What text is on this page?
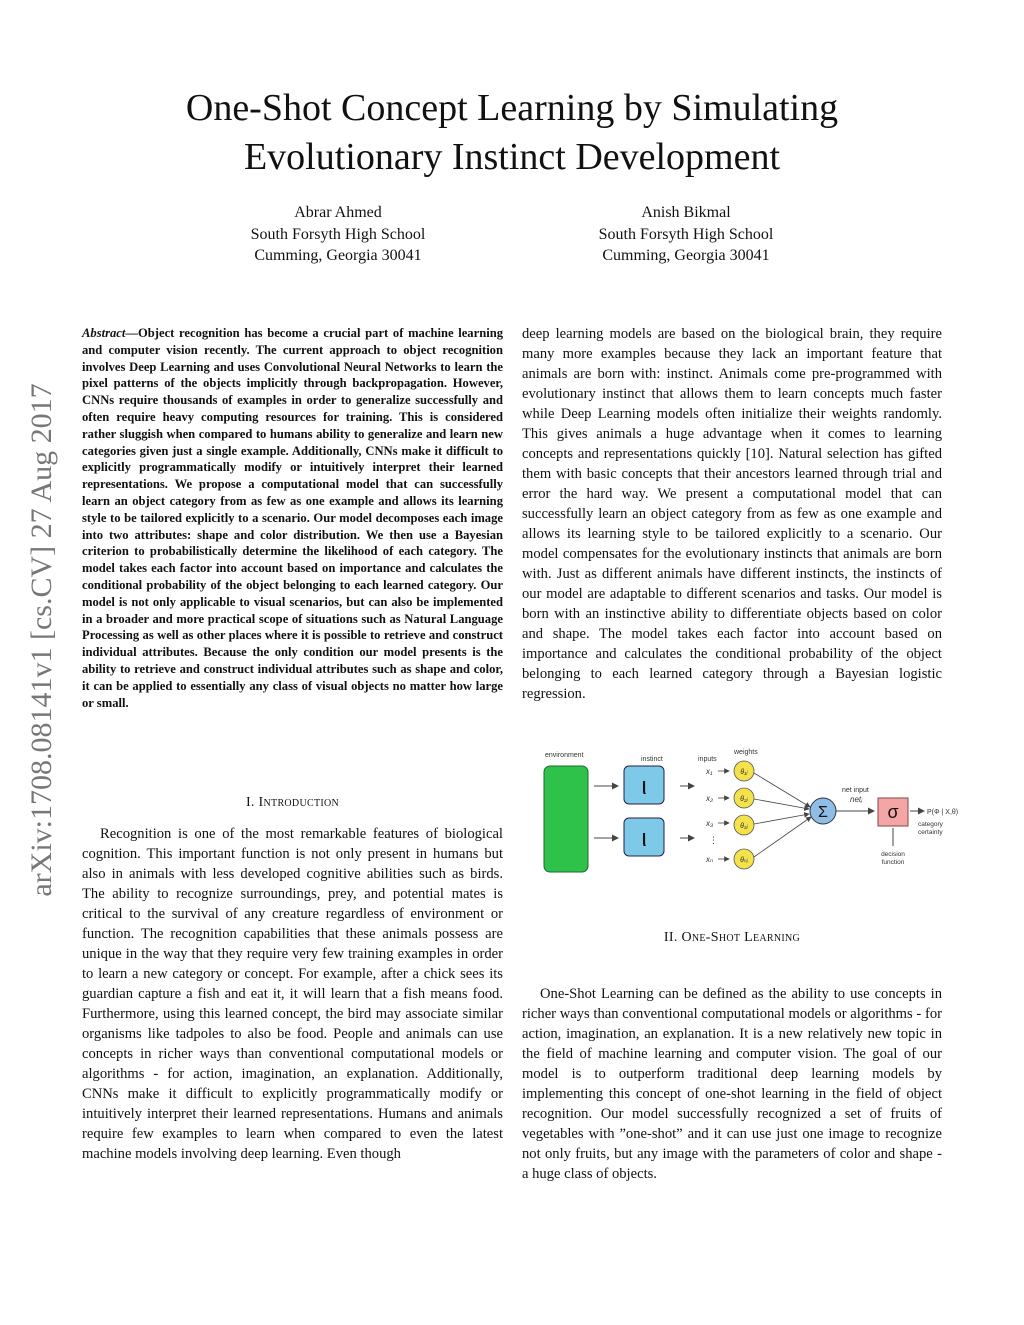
One-Shot Concept Learning by Simulating
Evolutionary Instinct Development
Abrar Ahmed
South Forsyth High School
Cumming, Georgia 30041
Anish Bikmal
South Forsyth High School
Cumming, Georgia 30041
arXiv:1708.08141v1 [cs.CV] 27 Aug 2017
Abstract—Object recognition has become a crucial part of machine learning and computer vision recently. The current approach to object recognition involves Deep Learning and uses Convolutional Neural Networks to learn the pixel patterns of the objects implicitly through backpropagation. However, CNNs require thousands of examples in order to generalize successfully and often require heavy computing resources for training. This is considered rather sluggish when compared to humans ability to generalize and learn new categories given just a single example. Additionally, CNNs make it difficult to explicitly programmatically modify or intuitively interpret their learned representations. We propose a computational model that can successfully learn an object category from as few as one example and allows its learning style to be tailored explicitly to a scenario. Our model decomposes each image into two attributes: shape and color distribution. We then use a Bayesian criterion to probabilistically determine the likelihood of each category. The model takes each factor into account based on importance and calculates the conditional probability of the object belonging to each learned category. Our model is not only applicable to visual scenarios, but can also be implemented in a broader and more practical scope of situations such as Natural Language Processing as well as other places where it is possible to retrieve and construct individual attributes. Because the only condition our model presents is the ability to retrieve and construct individual attributes such as shape and color, it can be applied to essentially any class of visual objects no matter how large or small.
I. Introduction
Recognition is one of the most remarkable features of biological cognition. This important function is not only present in humans but also in animals with less developed cognitive abilities such as birds. The ability to recognize surroundings, prey, and potential mates is critical to the survival of any creature regardless of environment or function. The recognition capabilities that these animals possess are unique in the way that they require very few training examples in order to learn a new category or concept. For example, after a chick sees its guardian capture a fish and eat it, it will learn that a fish means food. Furthermore, using this learned concept, the bird may associate similar organisms like tadpoles to also be food. People and animals can use concepts in richer ways than conventional computational models or algorithms - for action, imagination, an explanation. Additionally, CNNs make it difficult to explicitly programmatically modify or intuitively interpret their learned representations. Humans and animals require few examples to learn when compared to even the latest machine models involving deep learning. Even though
deep learning models are based on the biological brain, they require many more examples because they lack an important feature that animals are born with: instinct. Animals come pre-programmed with evolutionary instinct that allows them to learn concepts much faster while Deep Learning models often initialize their weights randomly. This gives animals a huge advantage when it comes to learning concepts and representations quickly [10]. Natural selection has gifted them with basic concepts that their ancestors learned through trial and error the hard way. We present a computational model that can successfully learn an object category from as few as one example and allows its learning style to be tailored explicitly to a scenario. Our model compensates for the evolutionary instincts that animals are born with. Just as different animals have different instincts, the instincts of our model are adaptable to different scenarios and tasks. Our model is born with an instinctive ability to differentiate objects based on color and shape. The model takes each factor into account based on importance and calculates the conditional probability of the object belonging to each learned category through a Bayesian logistic regression.
environment
instinct
ι
ι
inputs
weights
x₁
x₂
x₃
⋮
xₙ
θ₁ⱼ
θ₂ⱼ
θ₃ⱼ
θₙⱼ
Σ
net input
netⱼ
σ	P(Φ | X,θ)
category
certainty
decision
function
II. One-Shot Learning
One-Shot Learning can be defined as the ability to use concepts in richer ways than conventional computational models or algorithms - for action, imagination, an explanation. It is a new relatively new topic in the field of machine learning and computer vision. The goal of our model is to outperform traditional deep learning models by implementing this concept of one-shot learning in the field of object recognition. Our model successfully recognized a set of fruits of vegetables with ”one-shot” and it can use just one image to recognize not only fruits, but any image with the parameters of color and shape - a huge class of objects.
